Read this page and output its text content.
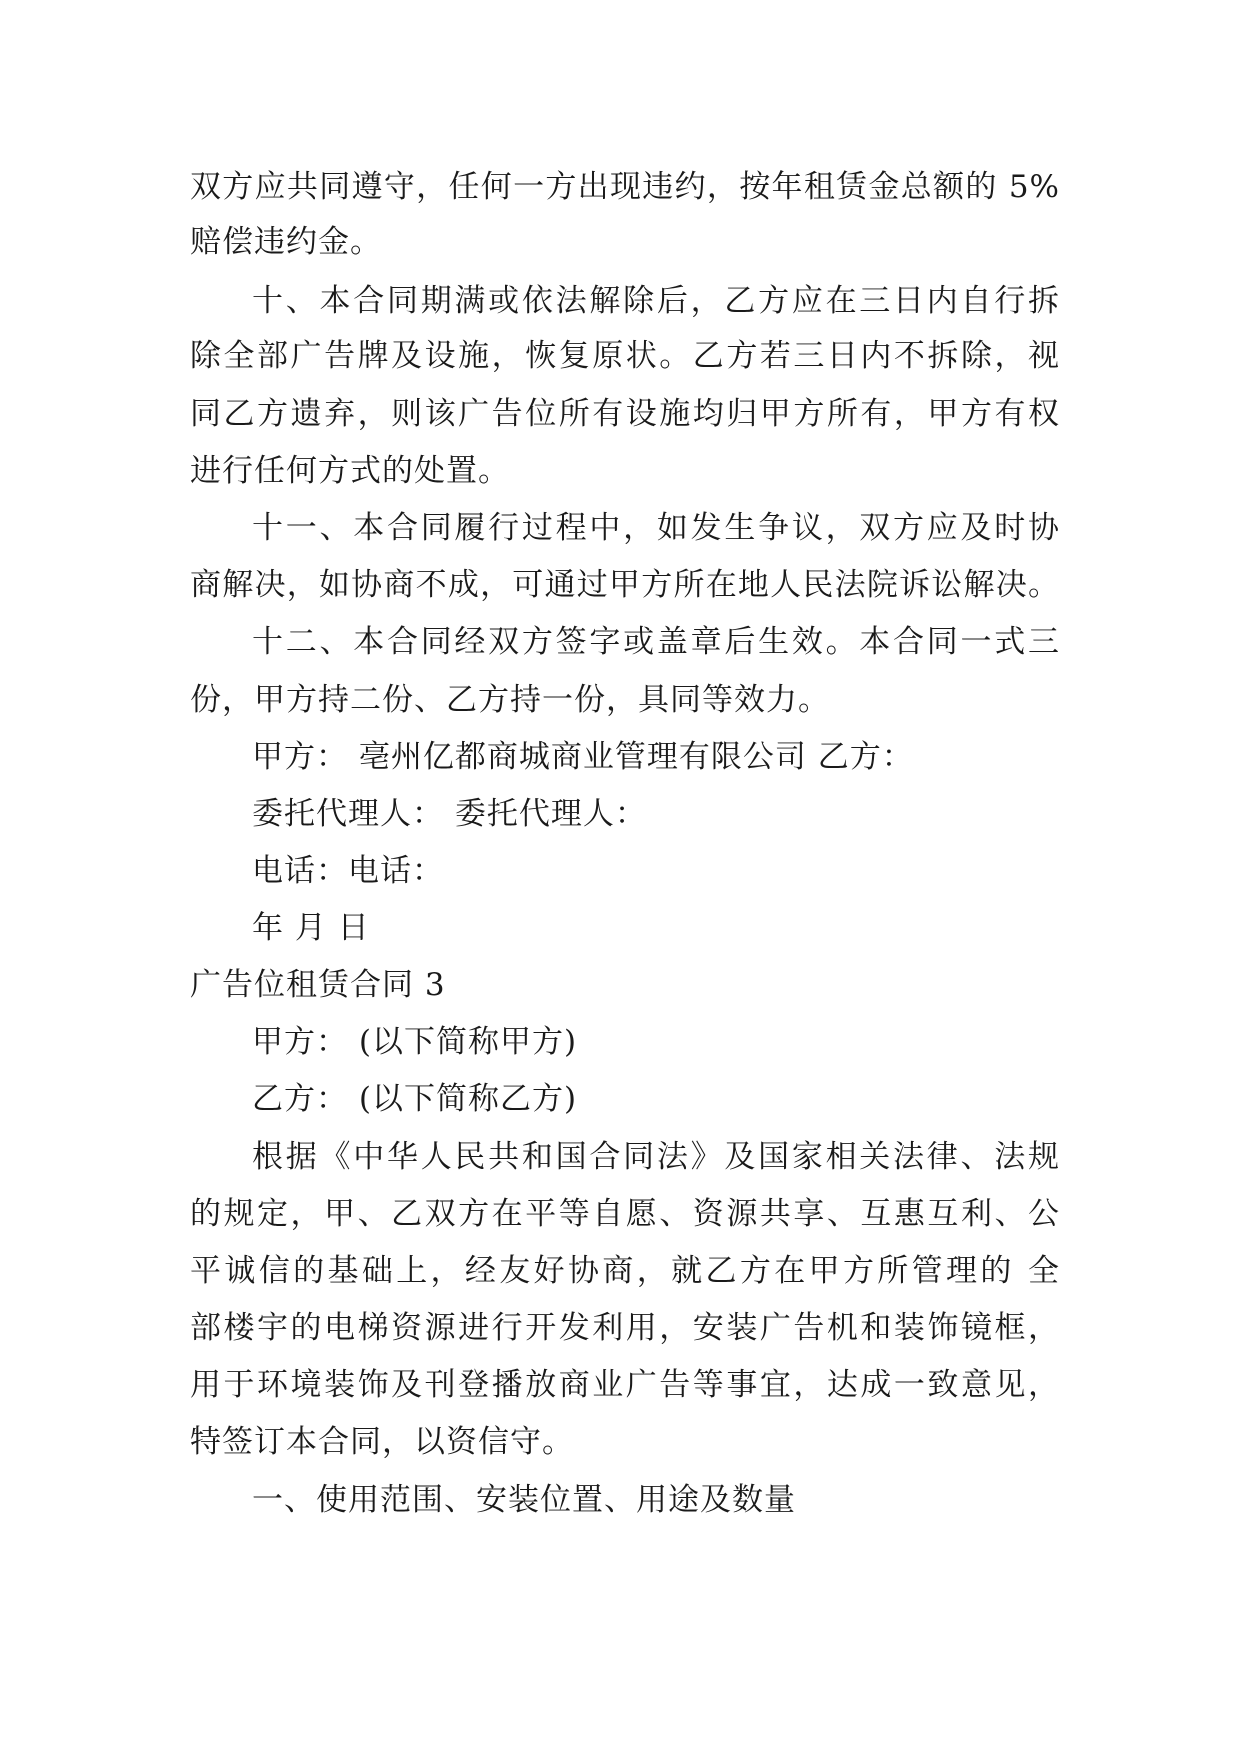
双方应共同遵守，任何一方出现违约，按年租赁金总额的 5%
赔偿违约金。
十、本合同期满或依法解除后，乙方应在三日内自行拆
除全部广告牌及设施，恢复原状。乙方若三日内不拆除，视
同乙方遗弃，则该广告位所有设施均归甲方所有，甲方有权
进行任何方式的处置。
十一、本合同履行过程中，如发生争议，双方应及时协
商解决，如协商不成，可通过甲方所在地人民法院诉讼解决。
十二、本合同经双方签字或盖章后生效。本合同一式三
份，甲方持二份、乙方持一份，具同等效力。
甲方： 亳州亿都商城商业管理有限公司 乙方：
委托代理人： 委托代理人：
电话：电话：
年 月 日
广告位租赁合同 3
甲方： (以下简称甲方)
乙方： (以下简称乙方)
根据《中华人民共和国合同法》及国家相关法律、法规
的规定，甲、乙双方在平等自愿、资源共享、互惠互利、公
平诚信的基础上，经友好协商，就乙方在甲方所管理的 全
部楼宇的电梯资源进行开发利用，安装广告机和装饰镜框，
用于环境装饰及刊登播放商业广告等事宜，达成一致意见，
特签订本合同，以资信守。
一、使用范围、安装位置、用途及数量
